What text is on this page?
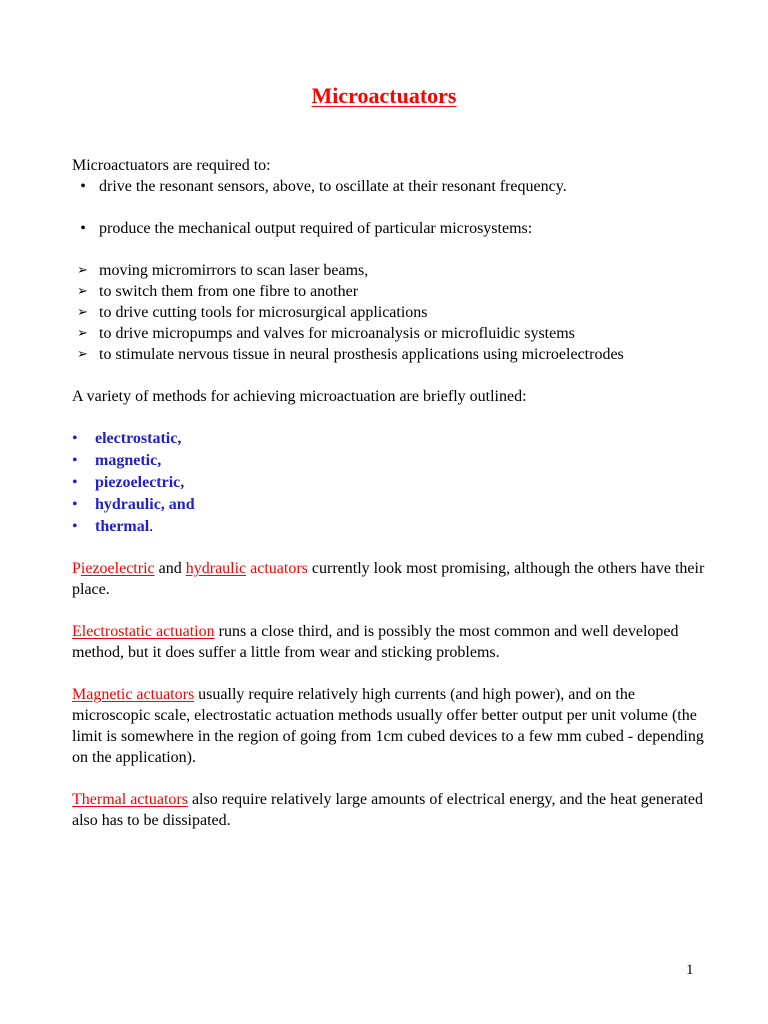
Microactuators

Microactuators are required to:

• drive the resonant sensors, above, to oscillate at their resonant frequency.
• produce the mechanical output required of particular microsystems:
➢ moving micromirrors to scan laser beams,
➢ to switch them from one fibre to another
➢ to drive cutting tools for microsurgical applications
➢ to drive micropumps and valves for microanalysis or microfluidic systems
➢ to stimulate nervous tissue in neural prosthesis applications using microelectrodes

A variety of methods for achieving microactuation are briefly outlined:

• electrostatic,
• magnetic,
• piezoelectric,
• hydraulic, and
• thermal.

Piezoelectric and hydraulic actuators currently look most promising, although the others have their place.

Electrostatic actuation runs a close third, and is possibly the most common and well developed method, but it does suffer a little from wear and sticking problems.

Magnetic actuators usually require relatively high currents (and high power), and on the microscopic scale, electrostatic actuation methods usually offer better output per unit volume (the limit is somewhere in the region of going from 1cm cubed devices to a few mm cubed - depending on the application).

Thermal actuators also require relatively large amounts of electrical energy, and the heat generated also has to be dissipated.

1
